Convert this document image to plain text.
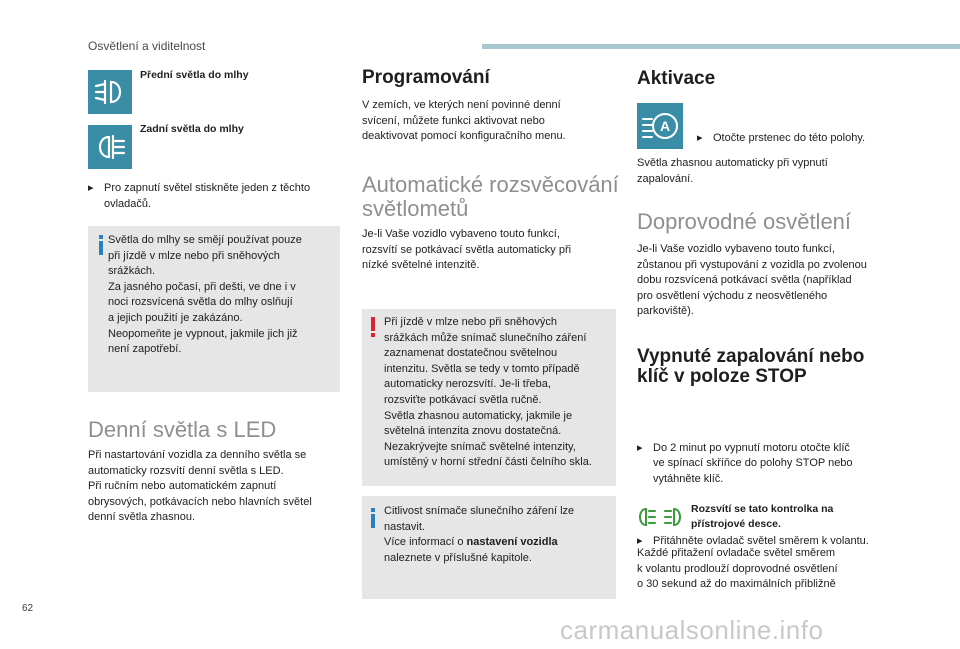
Osvětlení a viditelnost
Přední světla do mlhy
Zadní světla do mlhy
▸ Pro zapnutí světel stiskněte jeden z těchto ovladačů.
Světla do mlhy se smějí používat pouze
při jízdě v mlze nebo při sněhových
srážkách.
Za jasného počasí, při dešti, ve dne i v
noci rozsvícená světla do mlhy oslňují
a jejich použití je zakázáno.
Neopomeňte je vypnout, jakmile jich již
není zapotřebí.
Denní světla s LED
Při nastartování vozidla za denního světla se
automaticky rozsvítí denní světla s LED.
Při ručním nebo automatickém zapnutí
obrysových, potkávacích nebo hlavních světel
denní světla zhasnou.
Programování
V zemích, ve kterých není povinné denní
svícení, můžete funkci aktivovat nebo
deaktivovat pomocí konfiguračního menu.
Automatické rozsvěcování
světlometů
Je-li Vaše vozidlo vybaveno touto funkcí,
rozsvítí se potkávací světla automaticky při
nízké světelné intenzitě.
Při jízdě v mlze nebo při sněhových
srážkách může snímač slunečního záření
zaznamenat dostatečnou světelnou
intenzitu. Světla se tedy v tomto případě
automaticky nerozsvítí. Je-li třeba,
rozsviťte potkávací světla ručně.
Světla zhasnou automaticky, jakmile je
světelná intenzita znovu dostatečná.
Nezakrývejte snímač světelné intenzity,
umístěný v horní střední části čelního skla.
Citlivost snímače slunečního záření lze
nastavit.
Více informací o nastavení vozidla
naleznete v příslušné kapitole.
Aktivace
A
▸ Otočte prstenec do této polohy.
Světla zhasnou automaticky při vypnutí
zapalování.
Doprovodné osvětlení
Je-li Vaše vozidlo vybaveno touto funkcí,
zůstanou při vystupování z vozidla po zvolenou
dobu rozsvícená potkávací světla (například
pro osvětlení východu z neosvětleného
parkoviště).
Vypnuté zapalování nebo
klíč v poloze STOP
▸ Do 2 minut po vypnutí motoru otočte klíč
ve spínací skříňce do polohy STOP nebo
vytáhněte klíč.
▸ Přitáhněte ovladač světel směrem k volantu.
Rozsvítí se tato kontrolka na
přístrojové desce.
Každé přitažení ovladače světel směrem
k volantu prodlouží doprovodné osvětlení
o 30 sekund až do maximálních přibližně
62
carmanualsonline.info
